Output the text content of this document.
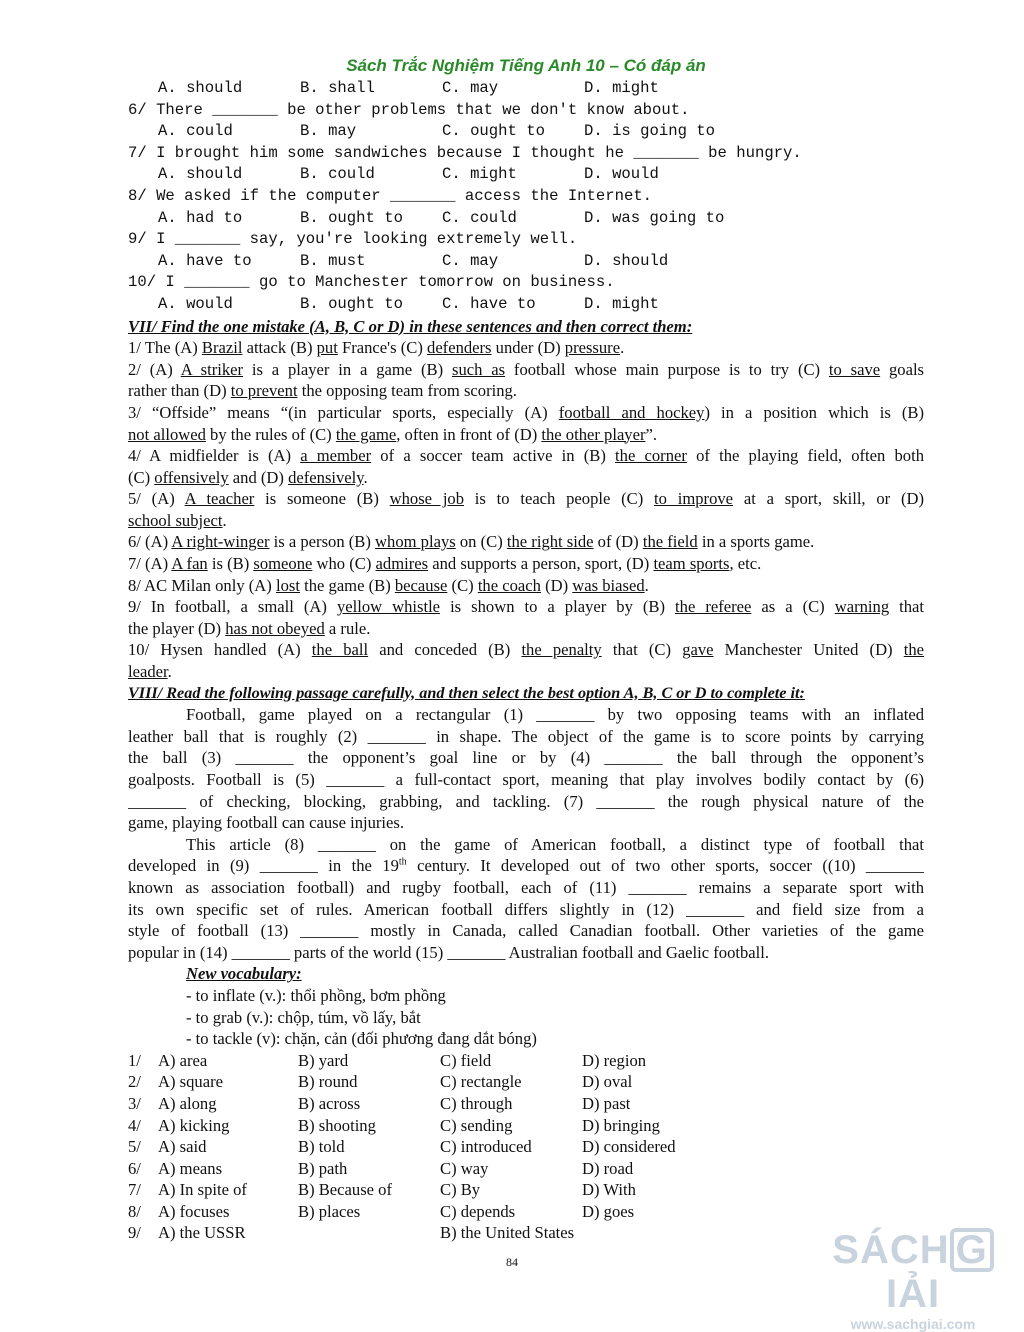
Sách Trắc Nghiệm Tiếng Anh 10 – Có đáp án
A. should	B. shall	C. may	D. might
6/ There _______ be other problems that we don't know about.
A. could	B. may	C. ought to	D. is going to
7/ I brought him some sandwiches because I thought he _______ be hungry.
A. should	B. could	C. might	D. would
8/ We asked if the computer _______ access the Internet.
A. had to	B. ought to	C. could	D. was going to
9/ I _______ say, you're looking extremely well.
A. have to	B. must	C. may	D. should
10/ I _______ go to Manchester tomorrow on business.
A. would	B. ought to	C. have to	D. might
VII/ Find the one mistake (A, B, C or D) in these sentences and then correct them:
1/ The (A) Brazil attack (B) put France's (C) defenders under (D) pressure.
2/ (A) A striker is a player in a game (B) such as football whose main purpose is to try (C) to save goals
rather than (D) to prevent the opposing team from scoring.
3/ “Offside” means “(in particular sports, especially (A) football and hockey) in a position which is (B)
not allowed by the rules of (C) the game, often in front of (D) the other player”.
4/ A midfielder is (A) a member of a soccer team active in (B) the corner of the playing field, often both
(C) offensively and (D) defensively.
5/ (A) A teacher is someone (B) whose job is to teach people (C) to improve at a sport, skill, or (D)
school subject.
6/ (A) A right-winger is a person (B) whom plays on (C) the right side of (D) the field in a sports game.
7/ (A) A fan is (B) someone who (C) admires and supports a person, sport, (D) team sports, etc.
8/ AC Milan only (A) lost the game (B) because (C) the coach (D) was biased.
9/ In football, a small (A) yellow whistle is shown to a player by (B) the referee as a (C) warning that
the player (D) has not obeyed a rule.
10/ Hysen handled (A) the ball and conceded (B) the penalty that (C) gave Manchester United (D) the
leader.
VIII/ Read the following passage carefully, and then select the best option A, B, C or D to complete it:
Football, game played on a rectangular (1) _______ by two opposing teams with an inflated
leather ball that is roughly (2) _______ in shape. The object of the game is to score points by carrying
the ball (3) _______ the opponent’s goal line or by (4) _______ the ball through the opponent’s
goalposts. Football is (5) _______ a full-contact sport, meaning that play involves bodily contact by (6)
_______ of checking, blocking, grabbing, and tackling. (7) _______ the rough physical nature of the
game, playing football can cause injuries.
This article (8) _______ on the game of American football, a distinct type of football that
developed in (9) _______ in the 19th century. It developed out of two other sports, soccer ((10) _______
known as association football) and rugby football, each of (11) _______ remains a separate sport with
its own specific set of rules. American football differs slightly in (12) _______ and field size from a
style of football (13) _______ mostly in Canada, called Canadian football. Other varieties of the game
popular in (14) _______ parts of the world (15) _______ Australian football and Gaelic football.
New vocabulary:
- to inflate (v.): thổi phồng, bơm phồng
- to grab (v.): chộp, túm, vồ lấy, bắt
- to tackle (v): chặn, cản (đối phương đang dắt bóng)
1/	A) area	B) yard	C) field	D) region
2/	A) square	B) round	C) rectangle	D) oval
3/	A) along	B) across	C) through	D) past
4/	A) kicking	B) shooting	C) sending	D) bringing
5/	A) said	B) told	C) introduced	D) considered
6/	A) means	B) path	C) way	D) road
7/	A) In spite of	B) Because of	C) By	D) With
8/	A) focuses	B) places	C) depends	D) goes
9/	A) the USSR	B) the United States
84	SÁCH GIẢI
www.sachgiai.com
